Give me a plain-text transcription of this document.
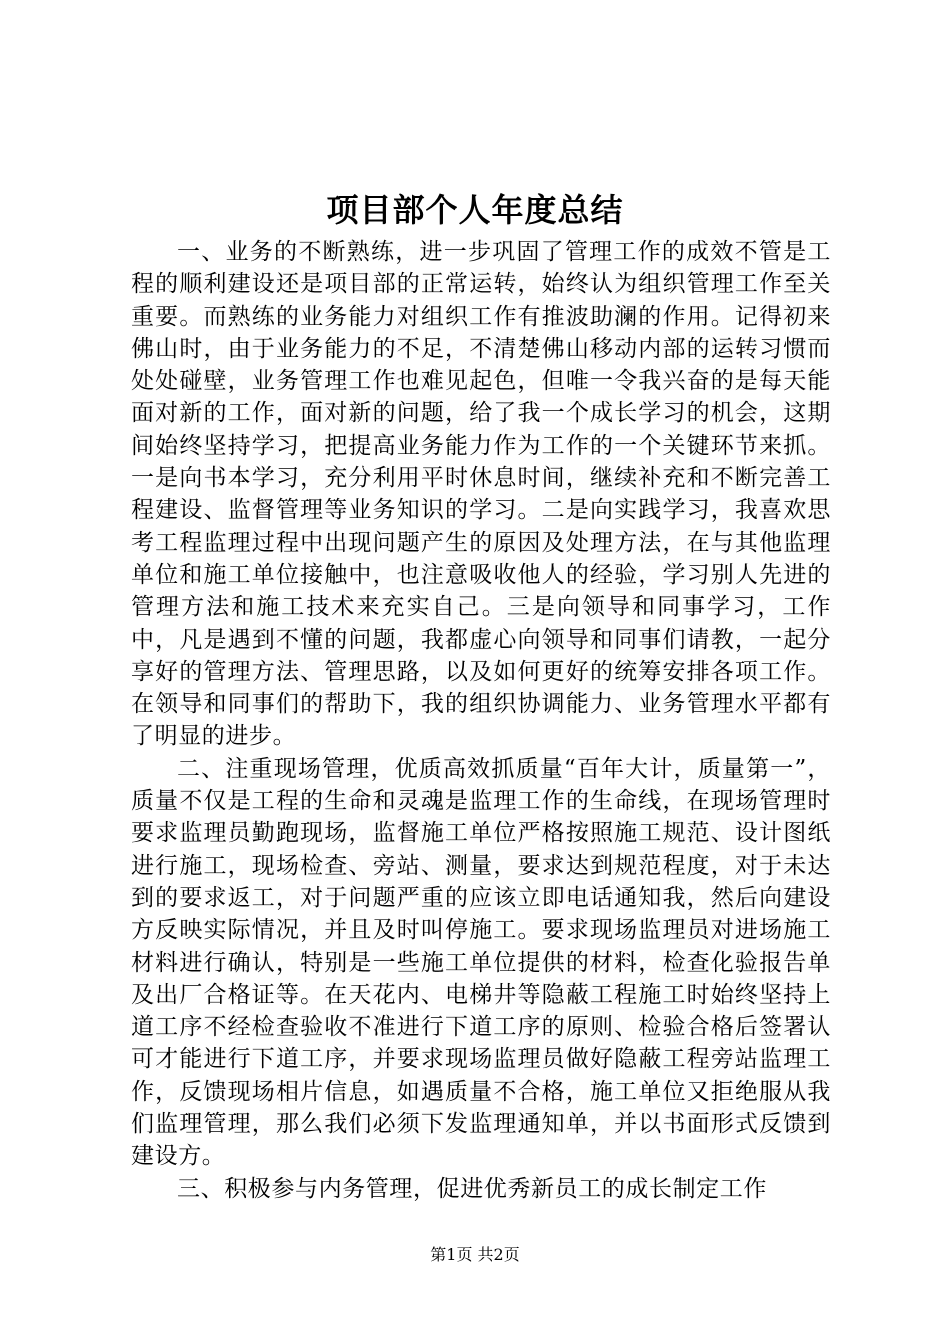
项目部个人年度总结

一、业务的不断熟练，进一步巩固了管理工作的成效不管是工程的顺利建设还是项目部的正常运转，始终认为组织管理工作至关重要。而熟练的业务能力对组织工作有推波助澜的作用。记得初来佛山时，由于业务能力的不足，不清楚佛山移动内部的运转习惯而处处碰壁，业务管理工作也难见起色，但唯一令我兴奋的是每天能面对新的工作，面对新的问题，给了我一个成长学习的机会，这期间始终坚持学习，把提高业务能力作为工作的一个关键环节来抓。一是向书本学习，充分利用平时休息时间，继续补充和不断完善工程建设、监督管理等业务知识的学习。二是向实践学习，我喜欢思考工程监理过程中出现问题产生的原因及处理方法，在与其他监理单位和施工单位接触中，也注意吸收他人的经验，学习别人先进的管理方法和施工技术来充实自己。三是向领导和同事学习，工作中，凡是遇到不懂的问题，我都虚心向领导和同事们请教，一起分享好的管理方法、管理思路，以及如何更好的统筹安排各项工作。在领导和同事们的帮助下，我的组织协调能力、业务管理水平都有了明显的进步。

二、注重现场管理，优质高效抓质量“百年大计，质量第一”，质量不仅是工程的生命和灵魂是监理工作的生命线，在现场管理时要求监理员勤跑现场，监督施工单位严格按照施工规范、设计图纸进行施工，现场检查、旁站、测量，要求达到规范程度，对于未达到的要求返工，对于问题严重的应该立即电话通知我，然后向建设方反映实际情况，并且及时叫停施工。要求现场监理员对进场施工材料进行确认，特别是一些施工单位提供的材料，检查化验报告单及出厂合格证等。在天花内、电梯井等隐蔽工程施工时始终坚持上道工序不经检查验收不准进行下道工序的原则、检验合格后签署认可才能进行下道工序，并要求现场监理员做好隐蔽工程旁站监理工作，反馈现场相片信息，如遇质量不合格，施工单位又拒绝服从我们监理管理，那么我们必须下发监理通知单，并以书面形式反馈到建设方。

三、积极参与内务管理，促进优秀新员工的成长制定工作

第1页 共2页
